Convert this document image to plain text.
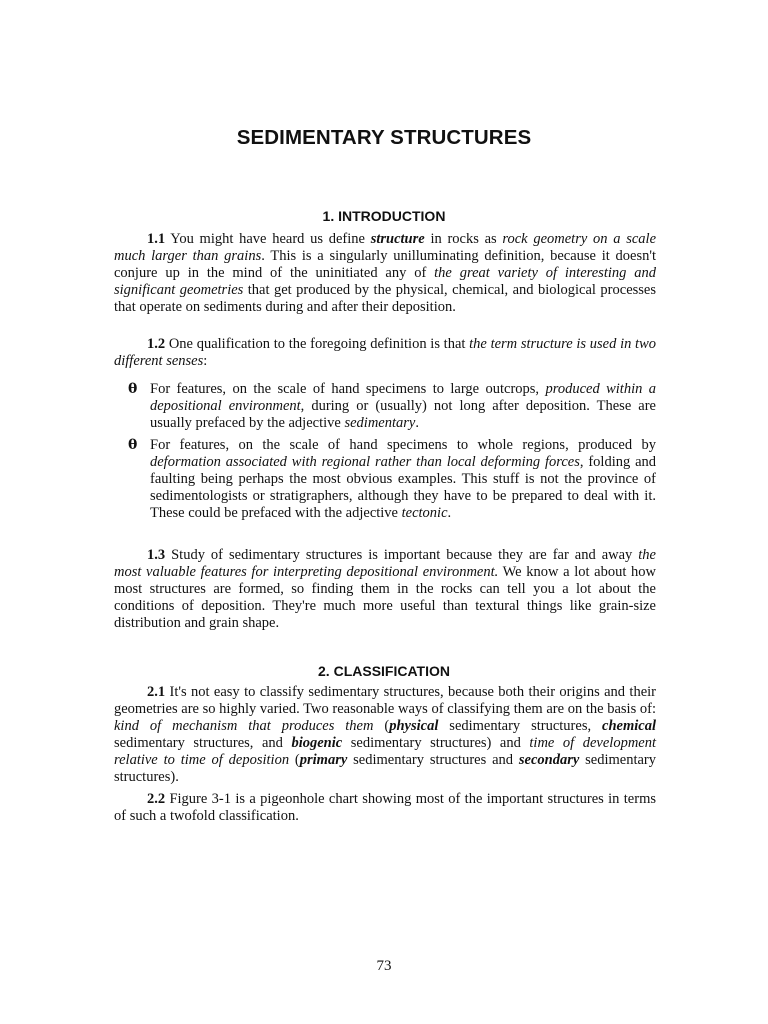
SEDIMENTARY STRUCTURES
1. INTRODUCTION

1.1 You might have heard us define structure in rocks as rock geometry on a scale much larger than grains. This is a singularly unilluminating definition, because it doesn't conjure up in the mind of the uninitiated any of the great variety of interesting and significant geometries that get produced by the physical, chemical, and biological processes that operate on sediments during and after their deposition.

1.2 One qualification to the foregoing definition is that the term structure is used in two different senses:

θ For features, on the scale of hand specimens to large outcrops, produced within a depositional environment, during or (usually) not long after deposition. These are usually prefaced by the adjective sedimentary.
θ For features, on the scale of hand specimens to whole regions, produced by deformation associated with regional rather than local deforming forces, folding and faulting being perhaps the most obvious examples. This stuff is not the province of sedimentologists or stratigraphers, although they have to be prepared to deal with it. These could be prefaced with the adjective tectonic.

1.3 Study of sedimentary structures is important because they are far and away the most valuable features for interpreting depositional environment. We know a lot about how most structures are formed, so finding them in the rocks can tell you a lot about the conditions of deposition. They're much more useful than textural things like grain-size distribution and grain shape.

2. CLASSIFICATION

2.1 It's not easy to classify sedimentary structures, because both their origins and their geometries are so highly varied. Two reasonable ways of classifying them are on the basis of: kind of mechanism that produces them (physical sedimentary structures, chemical sedimentary structures, and biogenic sedimentary structures) and time of development relative to time of deposition (primary sedimentary structures and secondary sedimentary structures).

2.2 Figure 3-1 is a pigeonhole chart showing most of the important structures in terms of such a twofold classification.

73
